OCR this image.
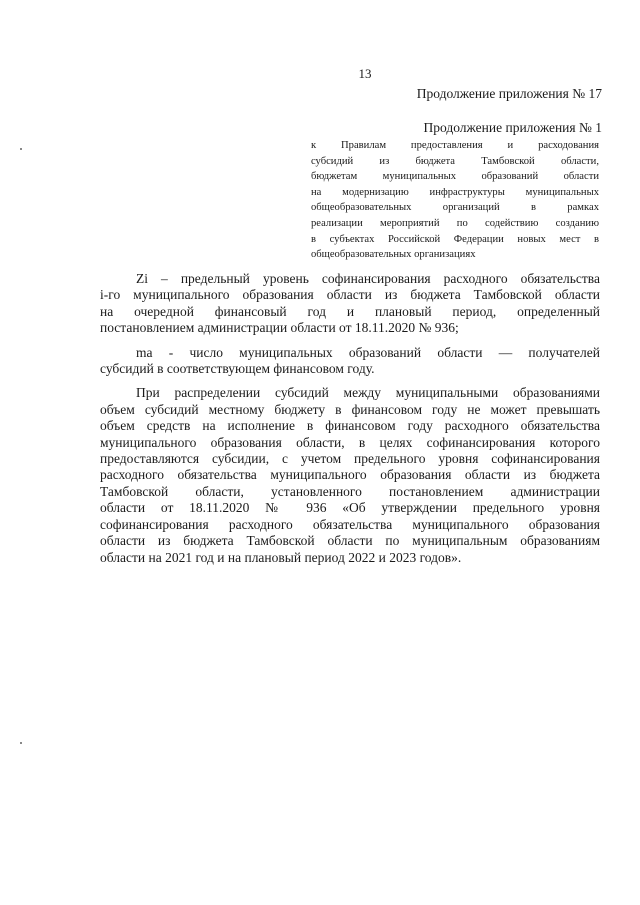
13
Продолжение приложения № 17
Продолжение приложения № 1
к Правилам предоставления и расходования
субсидий из бюджета Тамбовской области,
бюджетам муниципальных образований области
на модернизацию инфраструктуры муниципальных
общеобразовательных организаций в рамках
реализации мероприятий по содействию созданию
в субъектах Российской Федерации новых мест в
общеобразовательных организациях
Zi – предельный уровень софинансирования расходного обязательства
i-го муниципального образования области из бюджета Тамбовской области
на очередной финансовый год и плановый период, определенный
постановлением администрации области от 18.11.2020 № 936;
mа - число муниципальных образований области — получателей
субсидий в соответствующем финансовом году.
При распределении субсидий между муниципальными образованиями
объем субсидий местному бюджету в финансовом году не может превышать
объем средств на исполнение в финансовом году расходного обязательства
муниципального образования области, в целях софинансирования которого
предоставляются субсидии, с учетом предельного уровня софинансирования
расходного обязательства муниципального образования области из бюджета
Тамбовской области, установленного постановлением администрации
области от 18.11.2020 № 936 «Об утверждении предельного уровня
софинансирования расходного обязательства муниципального образования
области из бюджета Тамбовской области по муниципальным образованиям
области на 2021 год и на плановый период 2022 и 2023 годов».
